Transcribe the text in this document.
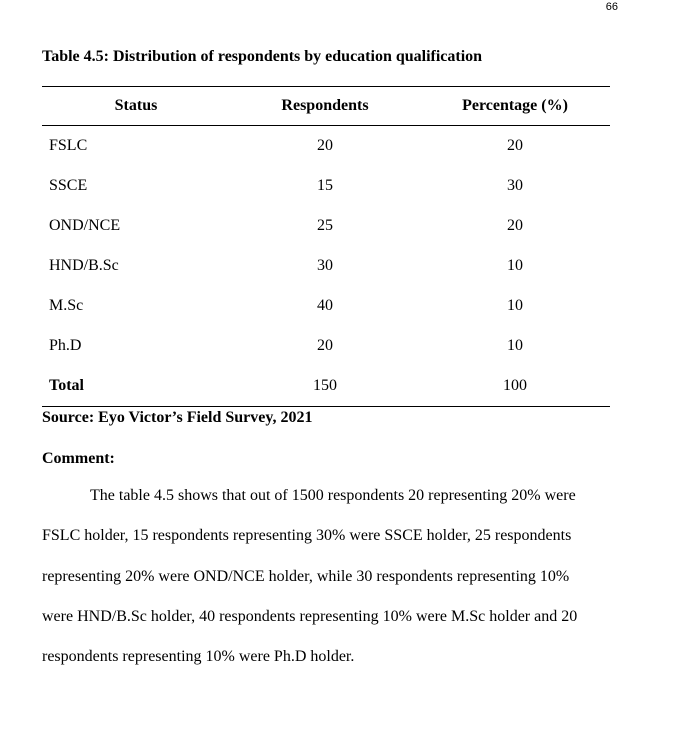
66
Table 4.5: Distribution of respondents by education qualification
Status	Respondents	Percentage (%)
FSLC	20	20
SSCE	15	30
OND/NCE	25	20
HND/B.Sc	30	10
M.Sc	40	10
Ph.D	20	10
Total	150	100
Source: Eyo Victor’s Field Survey, 2021
Comment:

The table 4.5 shows that out of 1500 respondents 20 representing 20% were
FSLC holder, 15 respondents representing 30% were SSCE holder, 25 respondents
representing 20% were OND/NCE holder, while 30 respondents representing 10%
were HND/B.Sc holder, 40 respondents representing 10% were M.Sc holder and 20
respondents representing 10% were Ph.D holder.
